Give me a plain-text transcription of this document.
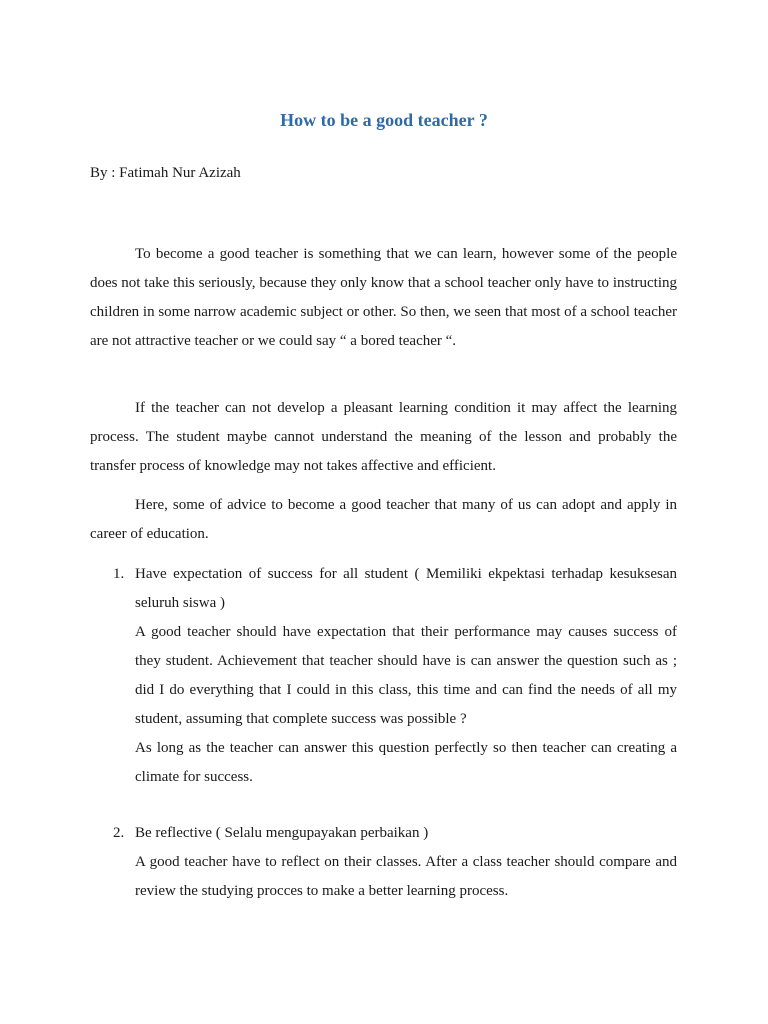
How to be a good teacher ?

By : Fatimah Nur Azizah

To become a good teacher is something that we can learn, however some of the people does not take this seriously, because they only know that a school teacher only have to instructing children in some narrow academic subject or other. So then, we seen that most of a school teacher are not attractive teacher or we could say “ a bored teacher “.

If the teacher can not develop a pleasant learning condition it may affect the learning process. The student maybe cannot understand the meaning of the lesson and probably the transfer process of knowledge may not takes affective and efficient.

Here, some of advice to become a good teacher that many of us can adopt and apply in career of education.

1. Have expectation of success for all student ( Memiliki ekpektasi terhadap kesuksesan seluruh siswa )
A good teacher should have expectation that their performance may causes success of they student. Achievement that teacher should have is can answer the question such as ; did I do everything that I could in this class, this time and can find the needs of all my student, assuming that complete success was possible ?
As long as the teacher can answer this question perfectly so then teacher can creating a climate for success.
2. Be reflective ( Selalu mengupayakan perbaikan )
A good teacher have to reflect on their classes. After a class teacher should compare and review the studying procces to make a better learning process.
